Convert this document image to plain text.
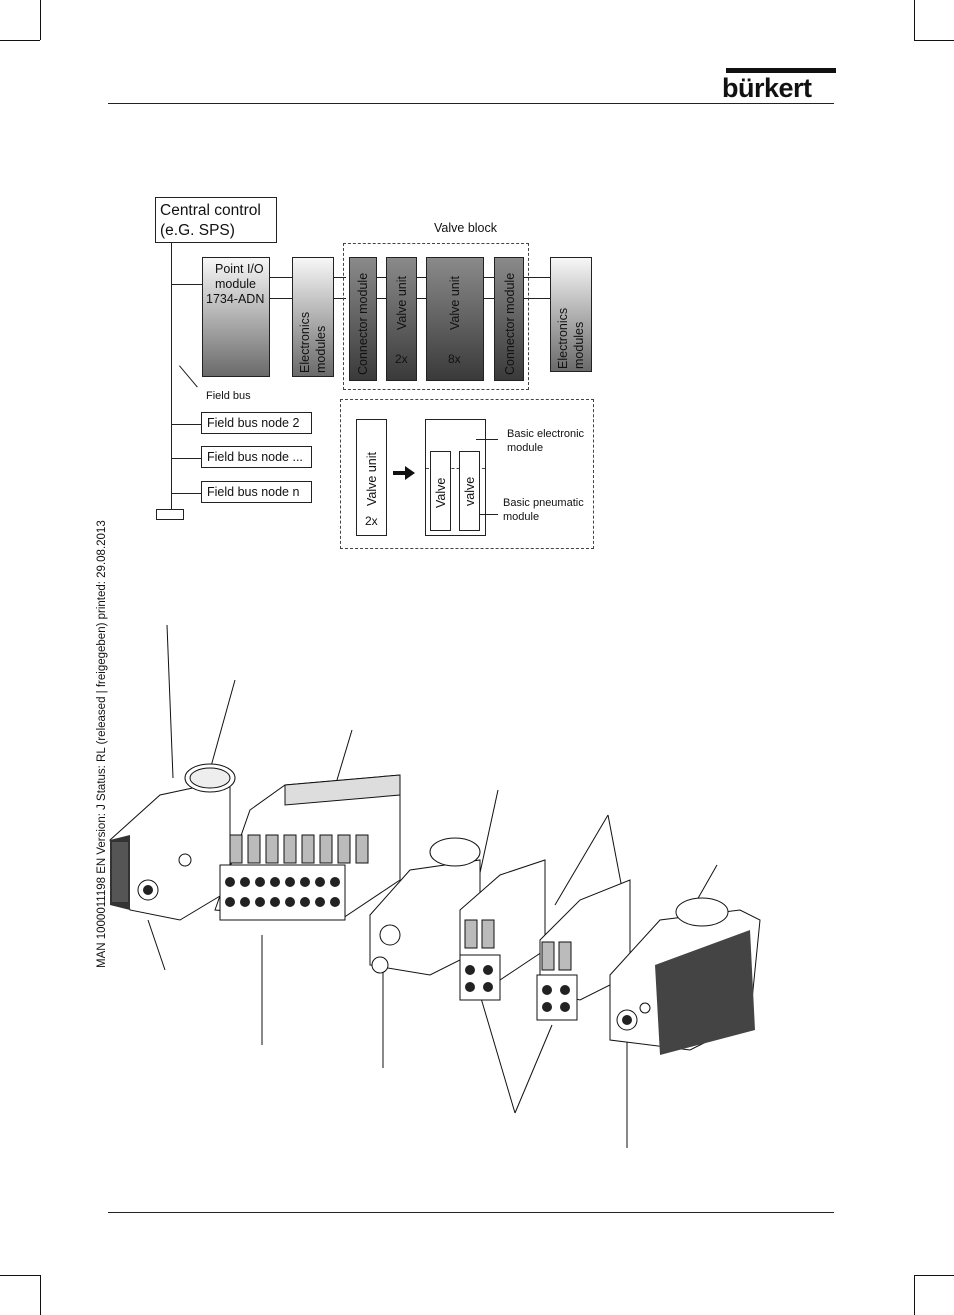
bürkert
MAN 1000011198 EN Version: J Status: RL (released | freigegeben) printed: 29.08.2013
Central control
(e.G. SPS)
Field bus
Point I/O
module
1734-ADN
Electronics modules
Valve block
Connector module Valve unit
2x
Valve unit
8x	Connector module	Electronics modules
Field bus node 2
Field bus node ...
Field bus node n	Valve unit
2x
Valve valve
Basic electronic
module
Basic pneumatic
module
